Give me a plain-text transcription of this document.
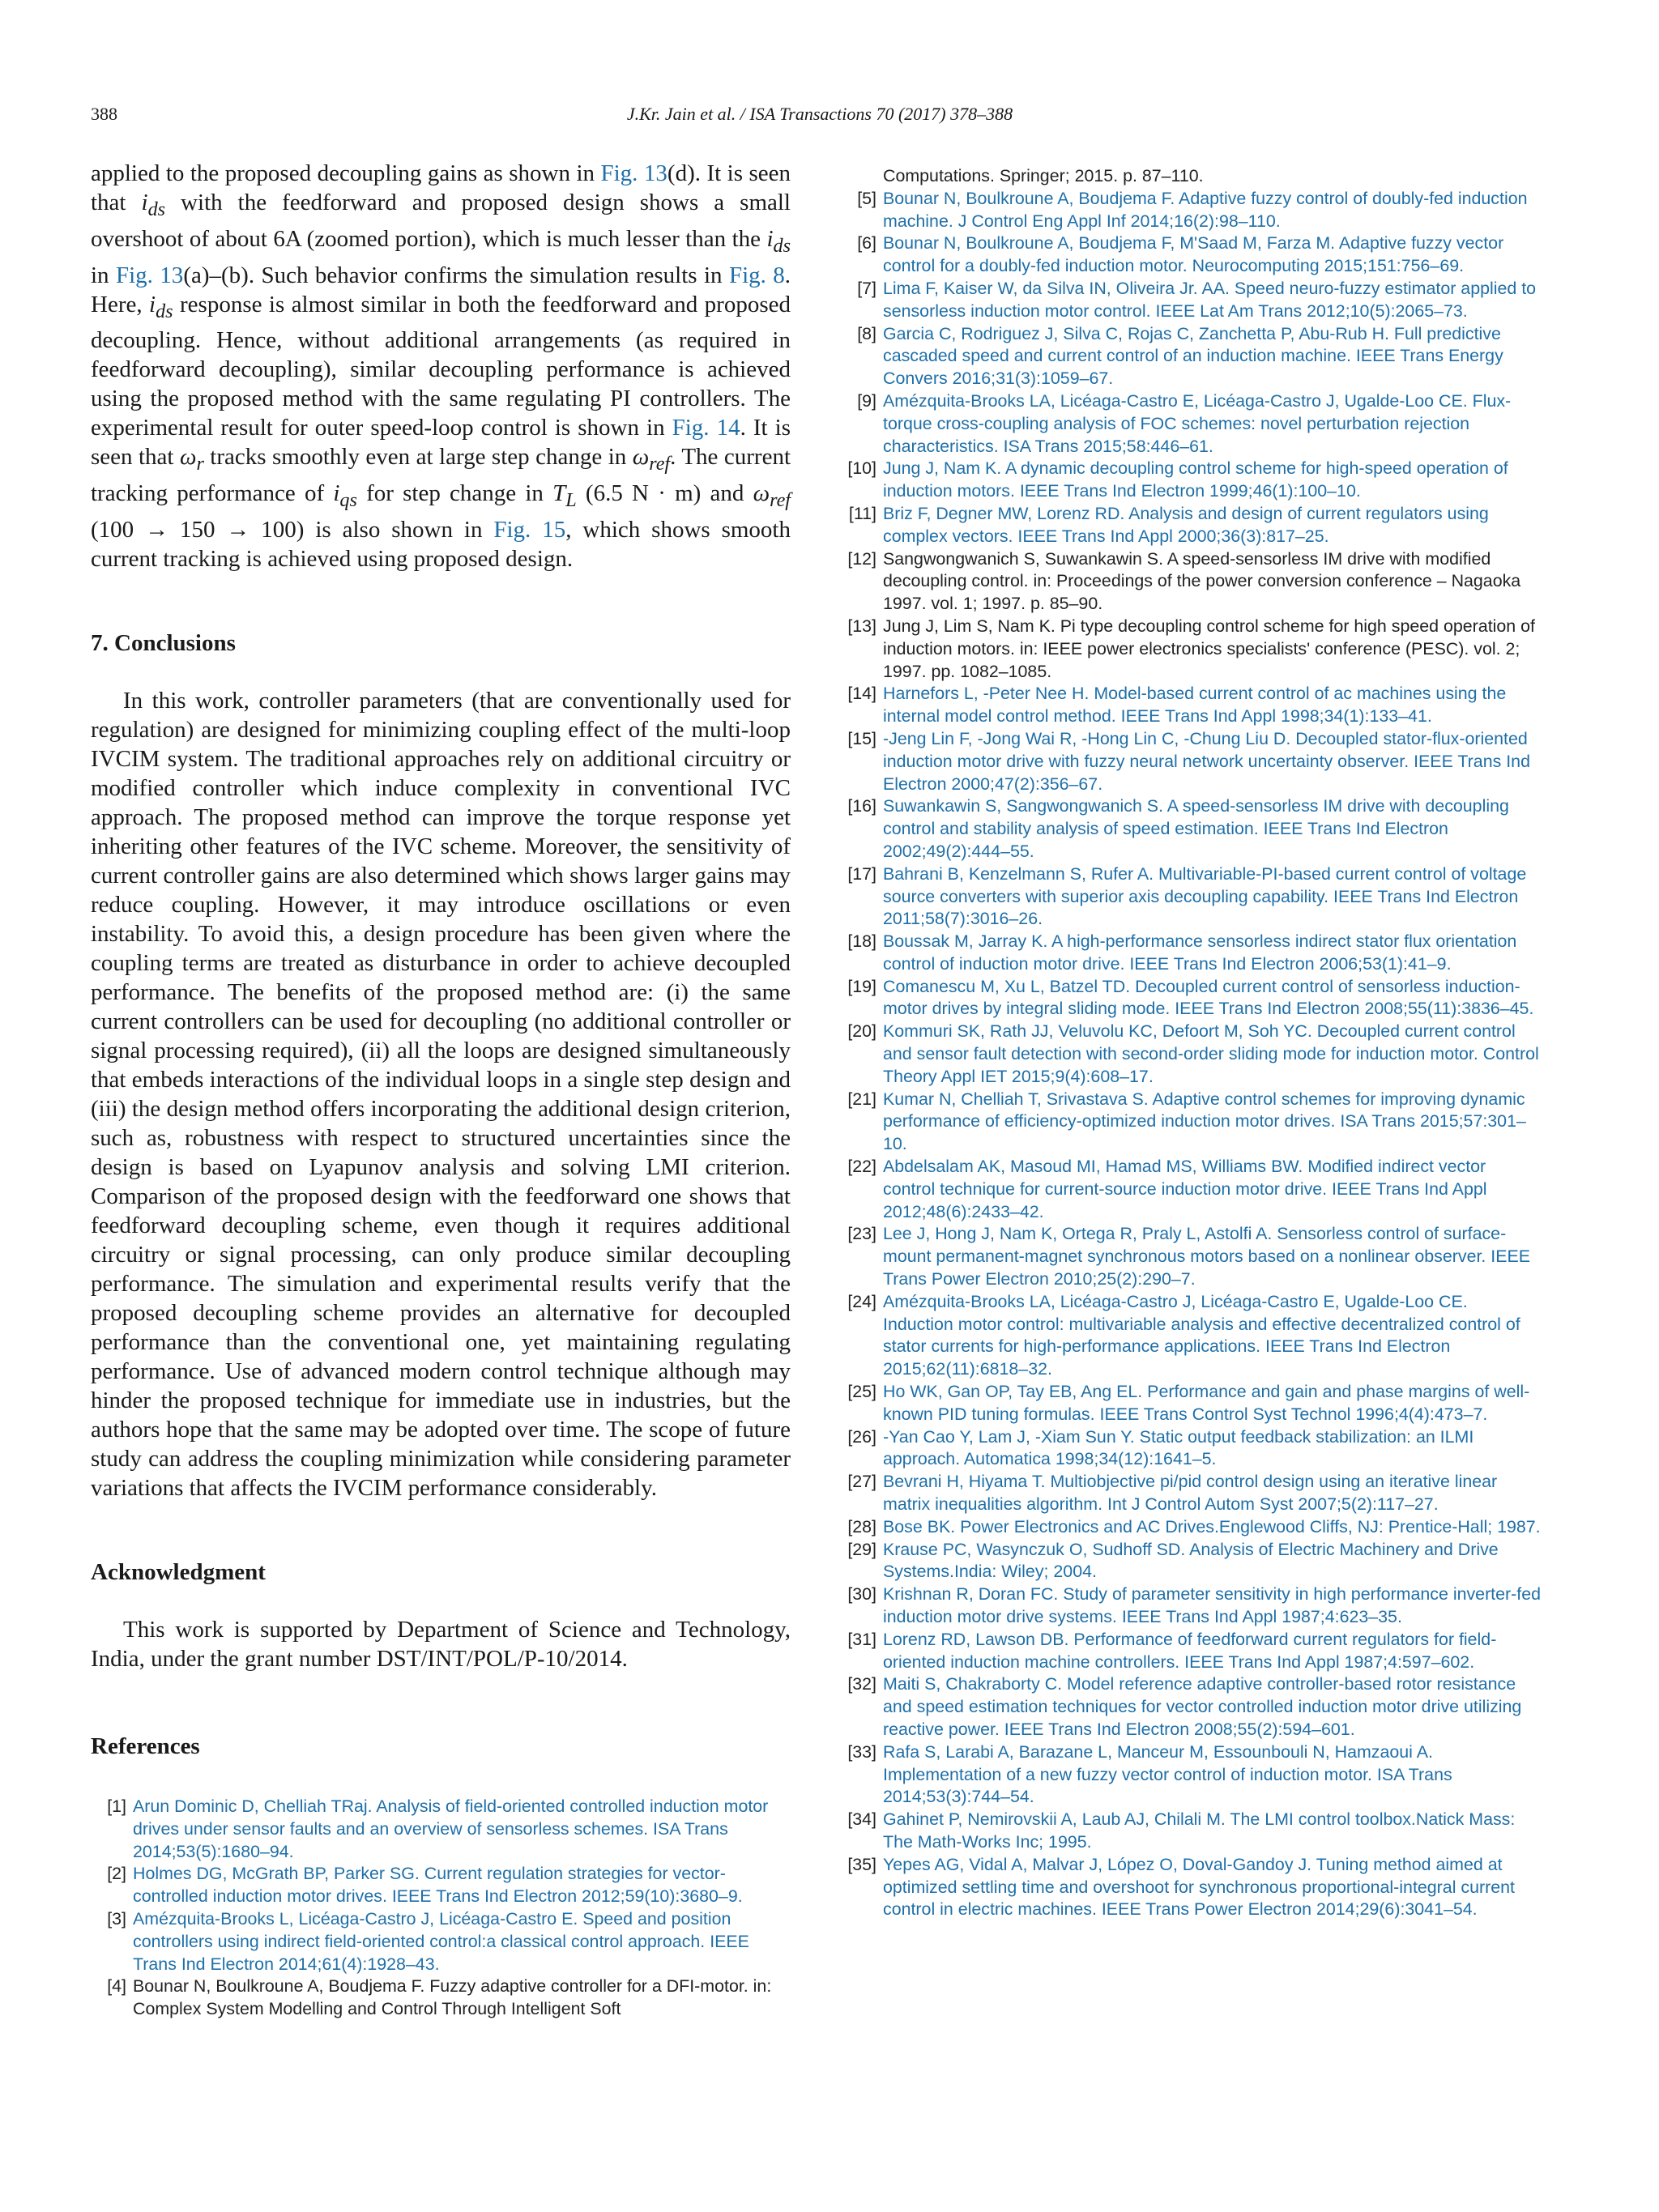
388	J.Kr. Jain et al. / ISA Transactions 70 (2017) 378–388

applied to the proposed decoupling gains as shown in Fig. 13(d). It is seen that $i_{ds}$ with the feedforward and proposed design shows a small overshoot of about 6A (zoomed portion), which is much lesser than the $i_{ds}$ in Fig. 13(a)–(b). Such behavior confirms the simulation results in Fig. 8. Here, $i_{ds}$ response is almost similar in both the feedforward and proposed decoupling. Hence, without additional arrangements (as required in feedforward decoupling), similar decoupling performance is achieved using the proposed method with the same regulating PI controllers. The experimental result for outer speed-loop control is shown in Fig. 14. It is seen that $\omega_r$ tracks smoothly even at large step change in $\omega_{ref}$. The current tracking performance of $i_{qs}$ for step change in $T_L$ (6.5 N · m) and $\omega_{ref}$ (100 → 150 → 100) is also shown in Fig. 15, which shows smooth current tracking is achieved using proposed design.

7. Conclusions

In this work, controller parameters (that are conventionally used for regulation) are designed for minimizing coupling effect of the multi-loop IVCIM system. The traditional approaches rely on additional circuitry or modified controller which induce complexity in conventional IVC approach. The proposed method can improve the torque response yet inheriting other features of the IVC scheme. Moreover, the sensitivity of current controller gains are also determined which shows larger gains may reduce coupling. However, it may introduce oscillations or even instability. To avoid this, a design procedure has been given where the coupling terms are treated as disturbance in order to achieve decoupled performance. The benefits of the proposed method are: (i) the same current controllers can be used for decoupling (no additional controller or signal processing required), (ii) all the loops are designed simultaneously that embeds interactions of the individual loops in a single step design and (iii) the design method offers incorporating the additional design criterion, such as, robustness with respect to structured uncertainties since the design is based on Lyapunov analysis and solving LMI criterion. Comparison of the proposed design with the feedforward one shows that feedforward decoupling scheme, even though it requires additional circuitry or signal processing, can only produce similar decoupling performance. The simulation and experimental results verify that the proposed decoupling scheme provides an alternative for decoupled performance than the conventional one, yet maintaining regulating performance. Use of advanced modern control technique although may hinder the proposed technique for immediate use in industries, but the authors hope that the same may be adopted over time. The scope of future study can address the coupling minimization while considering parameter variations that affects the IVCIM performance considerably.

Acknowledgment

This work is supported by Department of Science and Technology, India, under the grant number DST/INT/POL/P-10/2014.

References
[1] Arun Dominic D, Chelliah TRaj. Analysis of field-oriented controlled induction motor drives under sensor faults and an overview of sensorless schemes. ISA Trans 2014;53(5):1680–94.
[2] Holmes DG, McGrath BP, Parker SG. Current regulation strategies for vector-controlled induction motor drives. IEEE Trans Ind Electron 2012;59(10):3680–9.
[3] Amézquita-Brooks L, Licéaga-Castro J, Licéaga-Castro E. Speed and position controllers using indirect field-oriented control:a classical control approach. IEEE Trans Ind Electron 2014;61(4):1928–43.
[4] Bounar N, Boulkroune A, Boudjema F. Fuzzy adaptive controller for a DFI-motor. in: Complex System Modelling and Control Through Intelligent Soft
Computations. Springer; 2015. p. 87–110.
[5] Bounar N, Boulkroune A, Boudjema F. Adaptive fuzzy control of doubly-fed induction machine. J Control Eng Appl Inf 2014;16(2):98–110.
[6] Bounar N, Boulkroune A, Boudjema F, M'Saad M, Farza M. Adaptive fuzzy vector control for a doubly-fed induction motor. Neurocomputing 2015;151:756–69.
[7] Lima F, Kaiser W, da Silva IN, Oliveira Jr. AA. Speed neuro-fuzzy estimator applied to sensorless induction motor control. IEEE Lat Am Trans 2012;10(5):2065–73.
[8] Garcia C, Rodriguez J, Silva C, Rojas C, Zanchetta P, Abu-Rub H. Full predictive cascaded speed and current control of an induction machine. IEEE Trans Energy Convers 2016;31(3):1059–67.
[9] Amézquita-Brooks LA, Licéaga-Castro E, Licéaga-Castro J, Ugalde-Loo CE. Flux-torque cross-coupling analysis of FOC schemes: novel perturbation rejection characteristics. ISA Trans 2015;58:446–61.
[10] Jung J, Nam K. A dynamic decoupling control scheme for high-speed operation of induction motors. IEEE Trans Ind Electron 1999;46(1):100–10.
[11] Briz F, Degner MW, Lorenz RD. Analysis and design of current regulators using complex vectors. IEEE Trans Ind Appl 2000;36(3):817–25.
[12] Sangwongwanich S, Suwankawin S. A speed-sensorless IM drive with modified decoupling control. in: Proceedings of the power conversion conference – Nagaoka 1997. vol. 1; 1997. p. 85–90.
[13] Jung J, Lim S, Nam K. Pi type decoupling control scheme for high speed operation of induction motors. in: IEEE power electronics specialists' conference (PESC). vol. 2; 1997. pp. 1082–1085.
[14] Harnefors L, -Peter Nee H. Model-based current control of ac machines using the internal model control method. IEEE Trans Ind Appl 1998;34(1):133–41.
[15] -Jeng Lin F, -Jong Wai R, -Hong Lin C, -Chung Liu D. Decoupled stator-flux-oriented induction motor drive with fuzzy neural network uncertainty observer. IEEE Trans Ind Electron 2000;47(2):356–67.
[16] Suwankawin S, Sangwongwanich S. A speed-sensorless IM drive with decoupling control and stability analysis of speed estimation. IEEE Trans Ind Electron 2002;49(2):444–55.
[17] Bahrani B, Kenzelmann S, Rufer A. Multivariable-PI-based current control of voltage source converters with superior axis decoupling capability. IEEE Trans Ind Electron 2011;58(7):3016–26.
[18] Boussak M, Jarray K. A high-performance sensorless indirect stator flux orientation control of induction motor drive. IEEE Trans Ind Electron 2006;53(1):41–9.
[19] Comanescu M, Xu L, Batzel TD. Decoupled current control of sensorless induction-motor drives by integral sliding mode. IEEE Trans Ind Electron 2008;55(11):3836–45.
[20] Kommuri SK, Rath JJ, Veluvolu KC, Defoort M, Soh YC. Decoupled current control and sensor fault detection with second-order sliding mode for induction motor. Control Theory Appl IET 2015;9(4):608–17.
[21] Kumar N, Chelliah T, Srivastava S. Adaptive control schemes for improving dynamic performance of efficiency-optimized induction motor drives. ISA Trans 2015;57:301–10.
[22] Abdelsalam AK, Masoud MI, Hamad MS, Williams BW. Modified indirect vector control technique for current-source induction motor drive. IEEE Trans Ind Appl 2012;48(6):2433–42.
[23] Lee J, Hong J, Nam K, Ortega R, Praly L, Astolfi A. Sensorless control of surface-mount permanent-magnet synchronous motors based on a nonlinear observer. IEEE Trans Power Electron 2010;25(2):290–7.
[24] Amézquita-Brooks LA, Licéaga-Castro J, Licéaga-Castro E, Ugalde-Loo CE. Induction motor control: multivariable analysis and effective decentralized control of stator currents for high-performance applications. IEEE Trans Ind Electron 2015;62(11):6818–32.
[25] Ho WK, Gan OP, Tay EB, Ang EL. Performance and gain and phase margins of well-known PID tuning formulas. IEEE Trans Control Syst Technol 1996;4(4):473–7.
[26] -Yan Cao Y, Lam J, -Xiam Sun Y. Static output feedback stabilization: an ILMI approach. Automatica 1998;34(12):1641–5.
[27] Bevrani H, Hiyama T. Multiobjective pi/pid control design using an iterative linear matrix inequalities algorithm. Int J Control Autom Syst 2007;5(2):117–27.
[28] Bose BK. Power Electronics and AC Drives.Englewood Cliffs, NJ: Prentice-Hall; 1987.
[29] Krause PC, Wasynczuk O, Sudhoff SD. Analysis of Electric Machinery and Drive Systems.India: Wiley; 2004.
[30] Krishnan R, Doran FC. Study of parameter sensitivity in high performance inverter-fed induction motor drive systems. IEEE Trans Ind Appl 1987;4:623–35.
[31] Lorenz RD, Lawson DB. Performance of feedforward current regulators for field-oriented induction machine controllers. IEEE Trans Ind Appl 1987;4:597–602.
[32] Maiti S, Chakraborty C. Model reference adaptive controller-based rotor resistance and speed estimation techniques for vector controlled induction motor drive utilizing reactive power. IEEE Trans Ind Electron 2008;55(2):594–601.
[33] Rafa S, Larabi A, Barazane L, Manceur M, Essounbouli N, Hamzaoui A. Implementation of a new fuzzy vector control of induction motor. ISA Trans 2014;53(3):744–54.
[34] Gahinet P, Nemirovskii A, Laub AJ, Chilali M. The LMI control toolbox.Natick Mass: The Math-Works Inc; 1995.
[35] Yepes AG, Vidal A, Malvar J, López O, Doval-Gandoy J. Tuning method aimed at optimized settling time and overshoot for synchronous proportional-integral current control in electric machines. IEEE Trans Power Electron 2014;29(6):3041–54.
